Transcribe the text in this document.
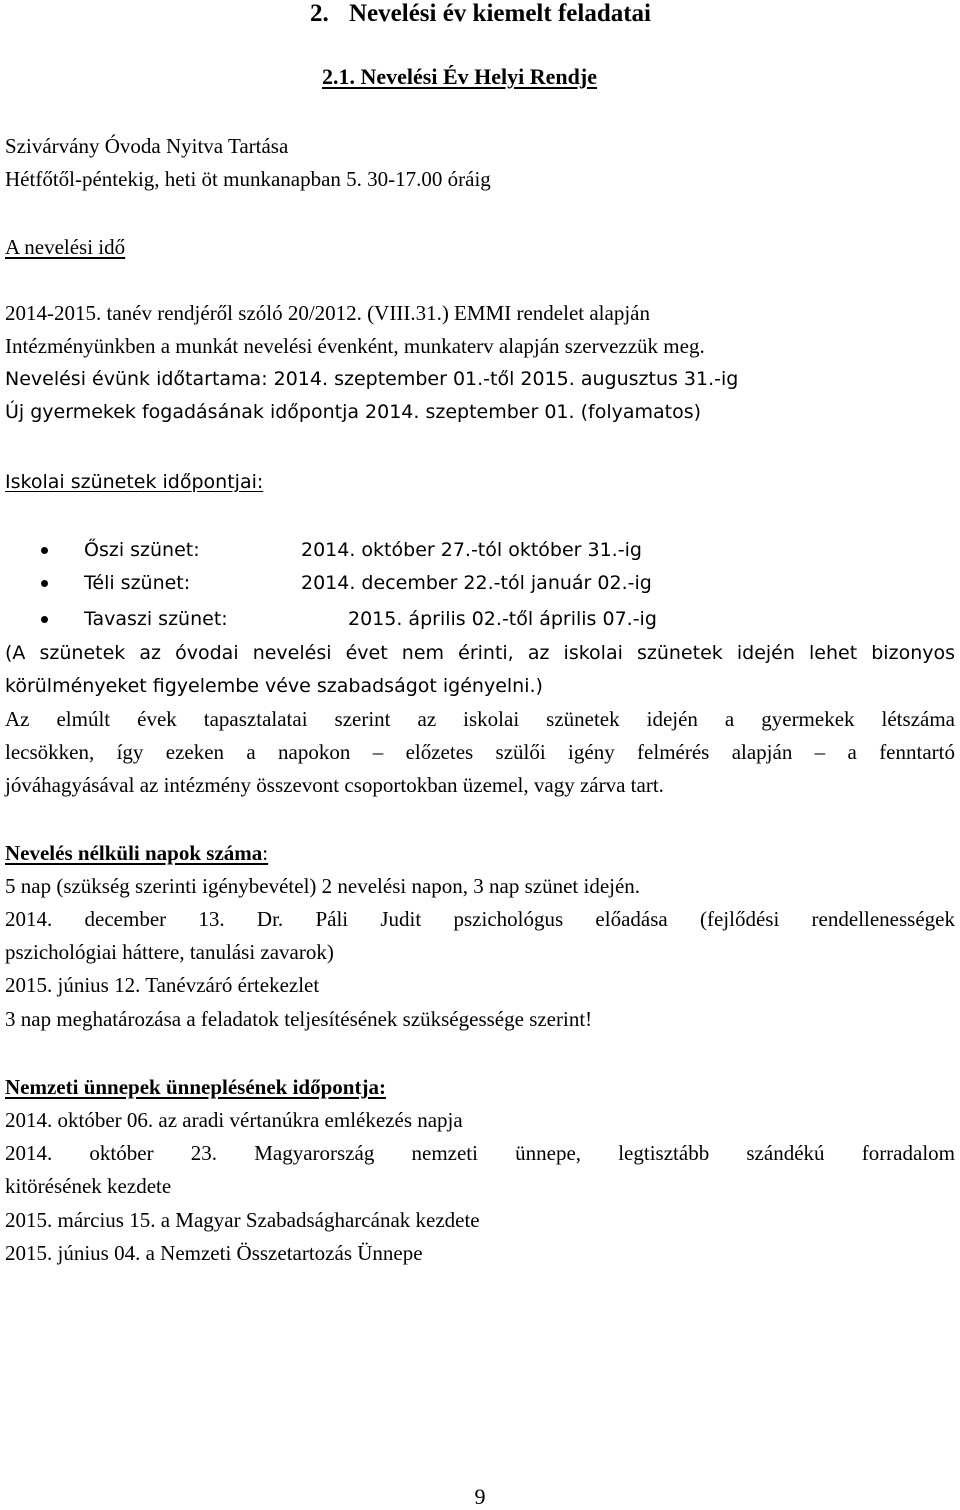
2. Nevelési év kiemelt feladatai
2.1. Nevelési Év Helyi Rendje
Szivárvány Óvoda Nyitva Tartása
Hétfőtől-péntekig, heti öt munkanapban 5. 30-17.00 óráig
A nevelési idő
2014-2015. tanév rendjéről szóló 20/2012. (VIII.31.) EMMI rendelet alapján
Intézményünkben a munkát nevelési évenként, munkaterv alapján szervezzük meg.
Nevelési évünk időtartama: 2014. szeptember 01.-től 2015. augusztus 31.-ig
Új gyermekek fogadásának időpontja 2014. szeptember 01. (folyamatos)
Iskolai szünetek időpontjai:
Őszi szünet:	2014. október 27.-tól október 31.-ig
Téli szünet:	2014. december 22.-tól január 02.-ig
Tavaszi szünet:	2015. április 02.-től április 07.-ig
(A szünetek az óvodai nevelési évet nem érinti, az iskolai szünetek idején lehet bizonyos
körülményeket figyelembe véve szabadságot igényelni.)
Az elmúlt évek tapasztalatai szerint az iskolai szünetek idején a gyermekek létszáma
lecsökken, így ezeken a napokon – előzetes szülői igény felmérés alapján – a fenntartó
jóváhagyásával az intézmény összevont csoportokban üzemel, vagy zárva tart.
Nevelés nélküli napok száma:
5 nap (szükség szerinti igénybevétel) 2 nevelési napon, 3 nap szünet idején.
2014. december 13. Dr. Páli Judit pszichológus előadása (fejlődési rendellenességek
pszichológiai háttere, tanulási zavarok)
2015. június 12. Tanévzáró értekezlet
3 nap meghatározása a feladatok teljesítésének szükségessége szerint!
Nemzeti ünnepek ünneplésének időpontja:
2014. október 06. az aradi vértanúkra emlékezés napja
2014. október 23. Magyarország nemzeti ünnepe, legtisztább szándékú forradalom
kitörésének kezdete
2015. március 15. a Magyar Szabadságharcának kezdete
2015. június 04. a Nemzeti Összetartozás Ünnepe
9
